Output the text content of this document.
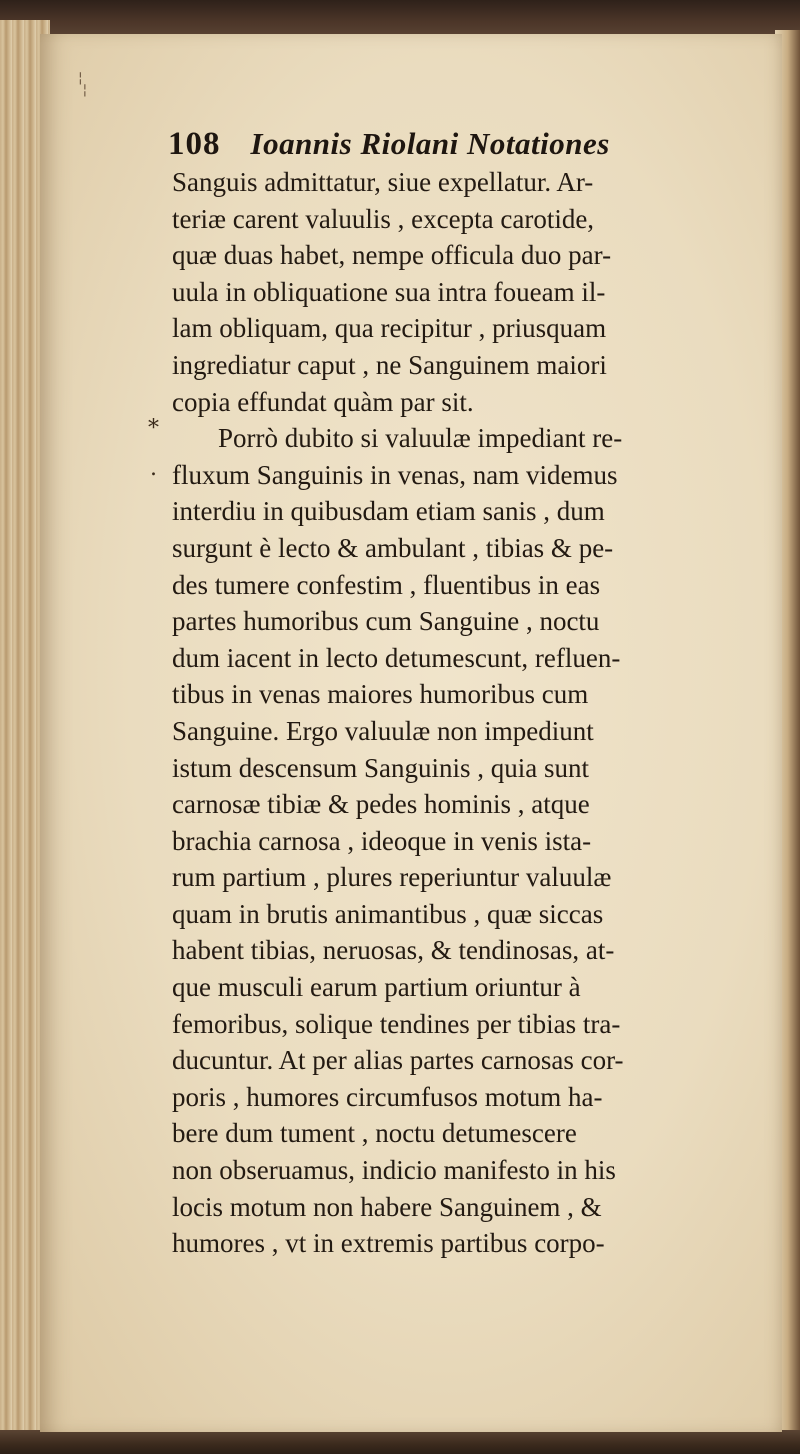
¦
¦
*
.
108 Ioannis Riolani Notationes
Sanguis admittatur, siue expellatur. Ar-
teriæ carent valuulis , excepta carotide,
quæ duas habet, nempe officula duo par-
uula in obliquatione sua intra foueam il-
lam obliquam, qua recipitur , priusquam
ingrediatur caput , ne Sanguinem maiori
copia effundat quàm par sit.
Porrò dubito si valuulæ impediant re-
fluxum Sanguinis in venas, nam videmus
interdiu in quibusdam etiam sanis , dum
surgunt è lecto & ambulant , tibias & pe-
des tumere confestim , fluentibus in eas
partes humoribus cum Sanguine , noctu
dum iacent in lecto detumescunt, refluen-
tibus in venas maiores humoribus cum
Sanguine. Ergo valuulæ non impediunt
istum descensum Sanguinis , quia sunt
carnosæ tibiæ & pedes hominis , atque
brachia carnosa , ideoque in venis ista-
rum partium , plures reperiuntur valuulæ
quam in brutis animantibus , quæ siccas
habent tibias, neruosas, & tendinosas, at-
que musculi earum partium oriuntur à
femoribus, solique tendines per tibias tra-
ducuntur. At per alias partes carnosas cor-
poris , humores circumfusos motum ha-
bere dum tument , noctu detumescere
non obseruamus, indicio manifesto in his
locis motum non habere Sanguinem , &
humores , vt in extremis partibus corpo-
